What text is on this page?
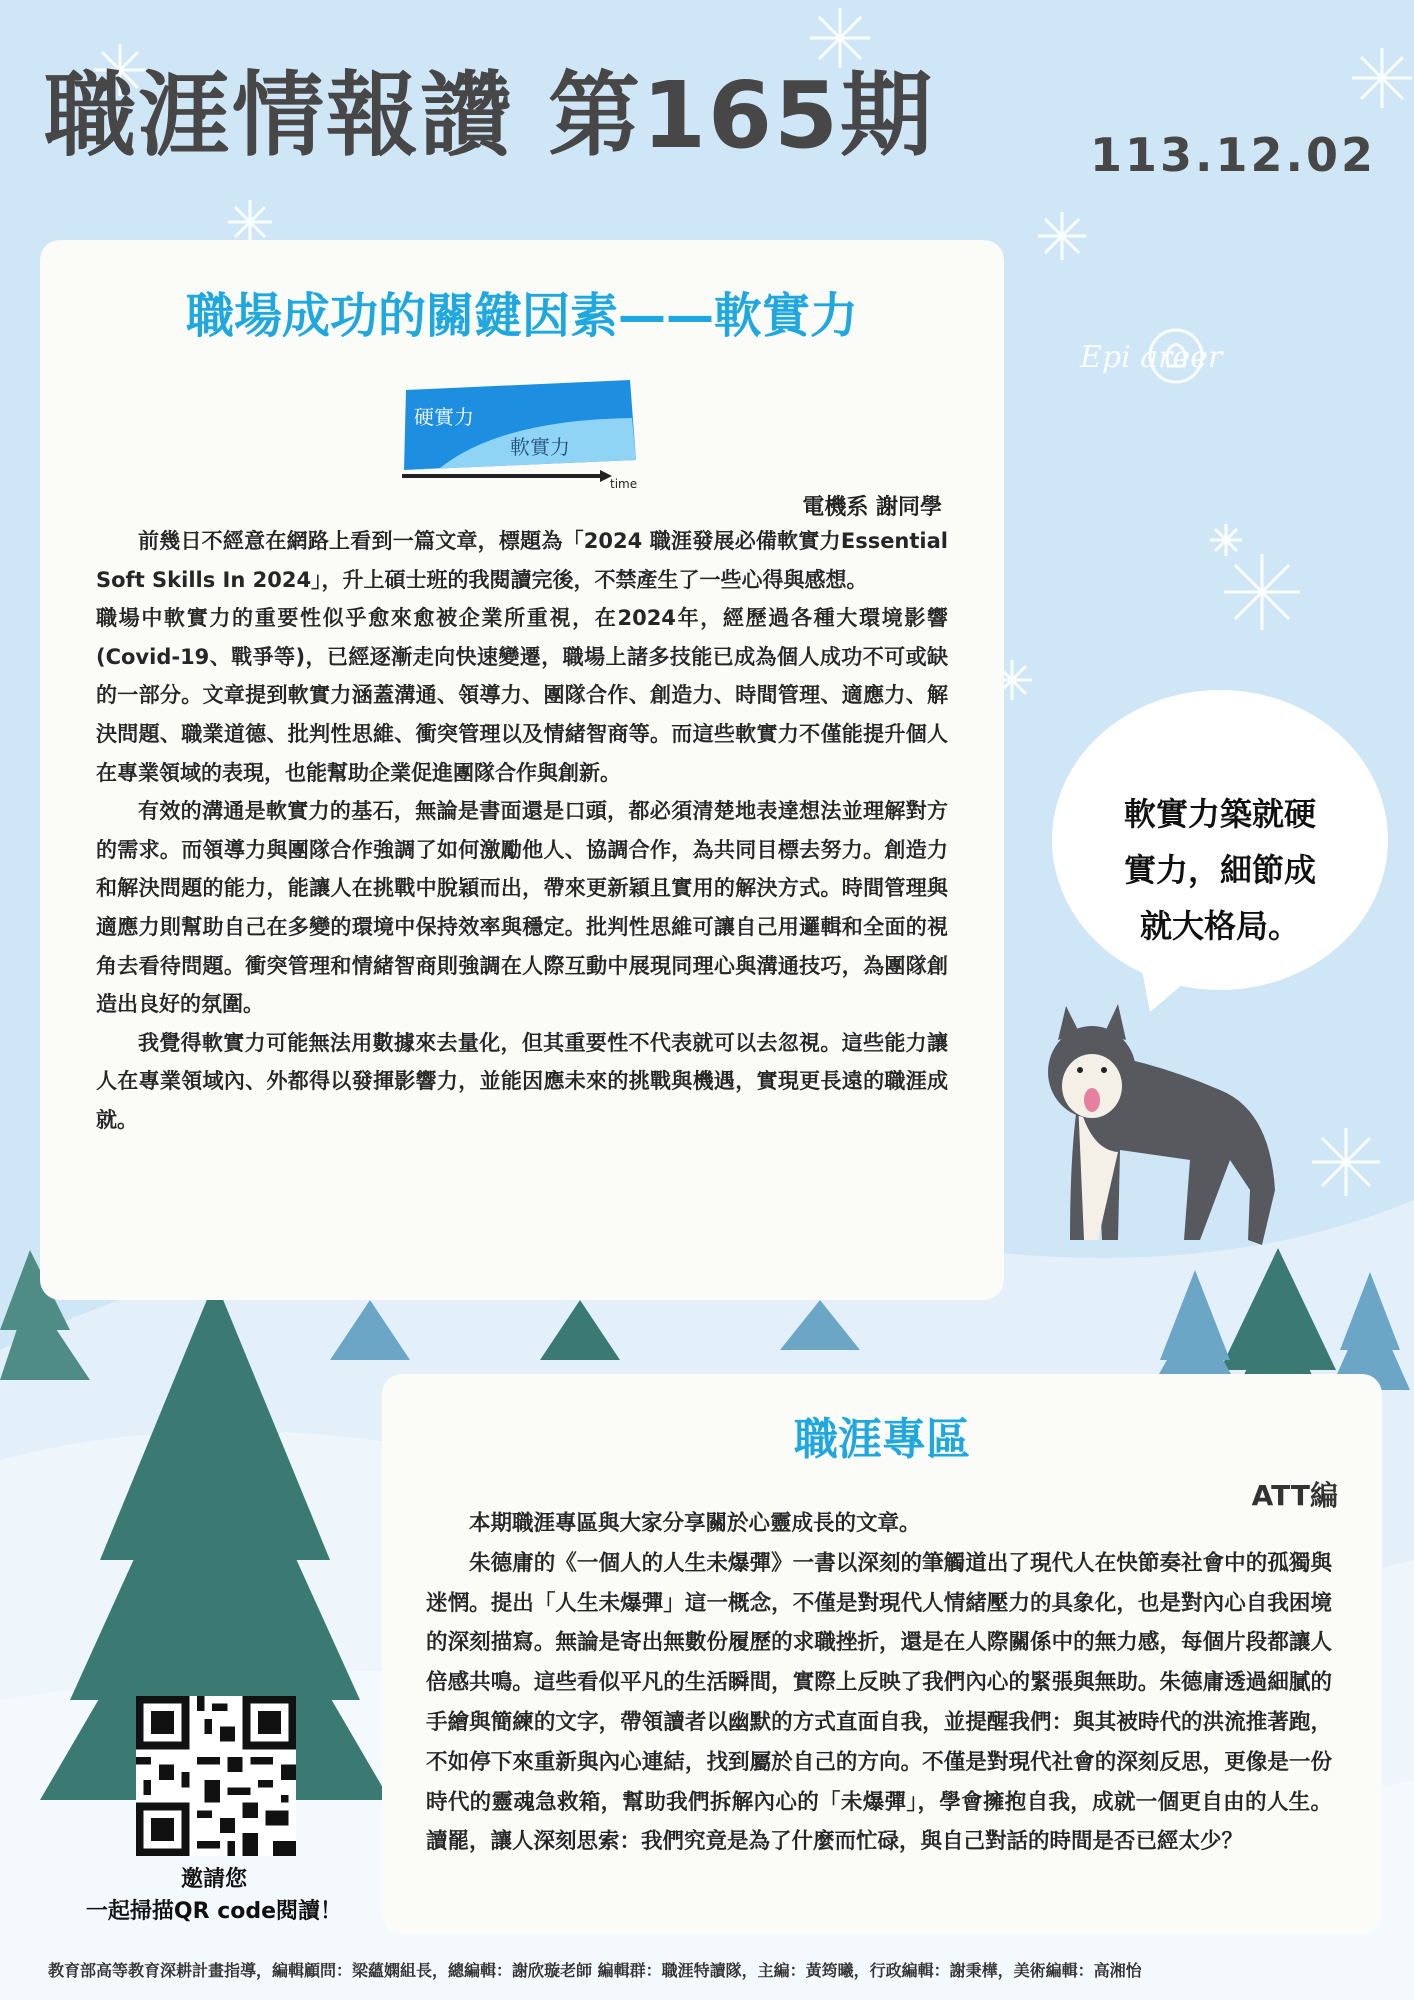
職涯情報讚 第165期	113.12.02
Epi areer
職場成功的關鍵因素——軟實力
硬實力
軟實力
time
電機系 謝同學

前幾日不經意在網路上看到一篇文章，標題為「2024 職涯發展必備軟實力Essential Soft Skills In 2024」，升上碩士班的我閱讀完後，不禁產生了一些心得與感想。

職場中軟實力的重要性似乎愈來愈被企業所重視，在2024年，經歷過各種大環境影響(Covid-19、戰爭等)，已經逐漸走向快速變遷，職場上諸多技能已成為個人成功不可或缺的一部分。文章提到軟實力涵蓋溝通、領導力、團隊合作、創造力、時間管理、適應力、解決問題、職業道德、批判性思維、衝突管理以及情緒智商等。而這些軟實力不僅能提升個人在專業領域的表現，也能幫助企業促進團隊合作與創新。

有效的溝通是軟實力的基石，無論是書面還是口頭，都必須清楚地表達想法並理解對方的需求。而領導力與團隊合作強調了如何激勵他人、協調合作，為共同目標去努力。創造力和解決問題的能力，能讓人在挑戰中脫穎而出，帶來更新穎且實用的解決方式。時間管理與適應力則幫助自己在多變的環境中保持效率與穩定。批判性思維可讓自己用邏輯和全面的視角去看待問題。衝突管理和情緒智商則強調在人際互動中展現同理心與溝通技巧，為團隊創造出良好的氛圍。

我覺得軟實力可能無法用數據來去量化，但其重要性不代表就可以去忽視。這些能力讓人在專業領域內、外都得以發揮影響力，並能因應未來的挑戰與機遇，實現更長遠的職涯成就。

軟實力築就硬
實力，細節成
就大格局。
職涯專區
ATT編

本期職涯專區與大家分享關於心靈成長的文章。

朱德庸的《一個人的人生未爆彈》一書以深刻的筆觸道出了現代人在快節奏社會中的孤獨與迷惘。提出「人生未爆彈」這一概念，不僅是對現代人情緒壓力的具象化，也是對內心自我困境的深刻描寫。無論是寄出無數份履歷的求職挫折，還是在人際關係中的無力感，每個片段都讓人倍感共鳴。這些看似平凡的生活瞬間，實際上反映了我們內心的緊張與無助。朱德庸透過細膩的手繪與簡練的文字，帶領讀者以幽默的方式直面自我，並提醒我們：與其被時代的洪流推著跑，不如停下來重新與內心連結，找到屬於自己的方向。不僅是對現代社會的深刻反思，更像是一份時代的靈魂急救箱，幫助我們拆解內心的「未爆彈」，學會擁抱自我，成就一個更自由的人生。讀罷，讓人深刻思索：我們究竟是為了什麼而忙碌，與自己對話的時間是否已經太少？

邀請您
一起掃描QR code閱讀！
教育部高等教育深耕計畫指導，編輯顧問：梁蘊嫻組長，總編輯：謝欣璇老師 編輯群：職涯特讀隊，主編：黃筠曦，行政編輯：謝秉樺，美術編輯：高湘怡
